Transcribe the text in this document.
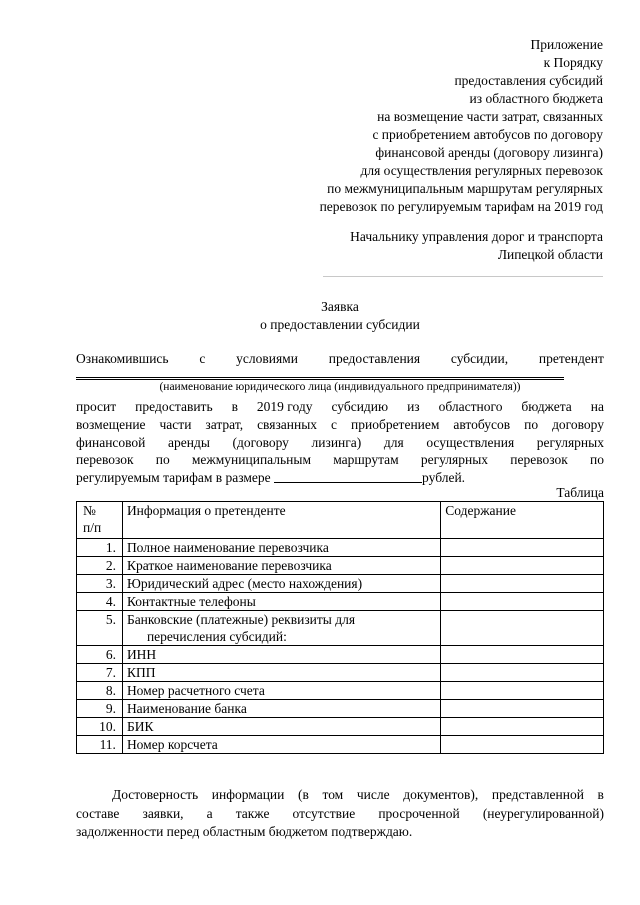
Приложение
к Порядку
предоставления субсидий
из областного бюджета
на возмещение части затрат, связанных
с приобретением автобусов по договору
финансовой аренды (договору лизинга)
для осуществления регулярных перевозок
по межмуниципальным маршрутам регулярных
перевозок по регулируемым тарифам на 2019 год
Начальнику управления дорог и транспорта
Липецкой области
Заявка
о предоставлении субсидии
Ознакомившись с условиями предоставления субсидии, претендент
(наименование юридического лица (индивидуального предпринимателя))
просит предоставить в 2019 году субсидию из областного бюджета на
возмещение части затрат, связанных с приобретением автобусов по договору
финансовой аренды (договору лизинга) для осуществления регулярных
перевозок по межмуниципальным маршрутам регулярных перевозок по
регулируемым тарифам в размере	рублей.
Таблица
№
п/п	Информация о претенденте	Содержание
1.	Полное наименование перевозчика	
2.	Краткое наименование перевозчика	
3.	Юридический адрес (место нахождения)	
4.	Контактные телефоны	
5.	Банковские (платежные) реквизиты для
перечисления субсидий:	

6.	ИНН	
7.	КПП	
8.	Номер расчетного счета	
9.	Наименование банка	
10.	БИК	
11.	Номер корсчета	
Достоверность информации (в том числе документов), представленной в
составе заявки, а также отсутствие просроченной (неурегулированной)
задолженности перед областным бюджетом подтверждаю.
